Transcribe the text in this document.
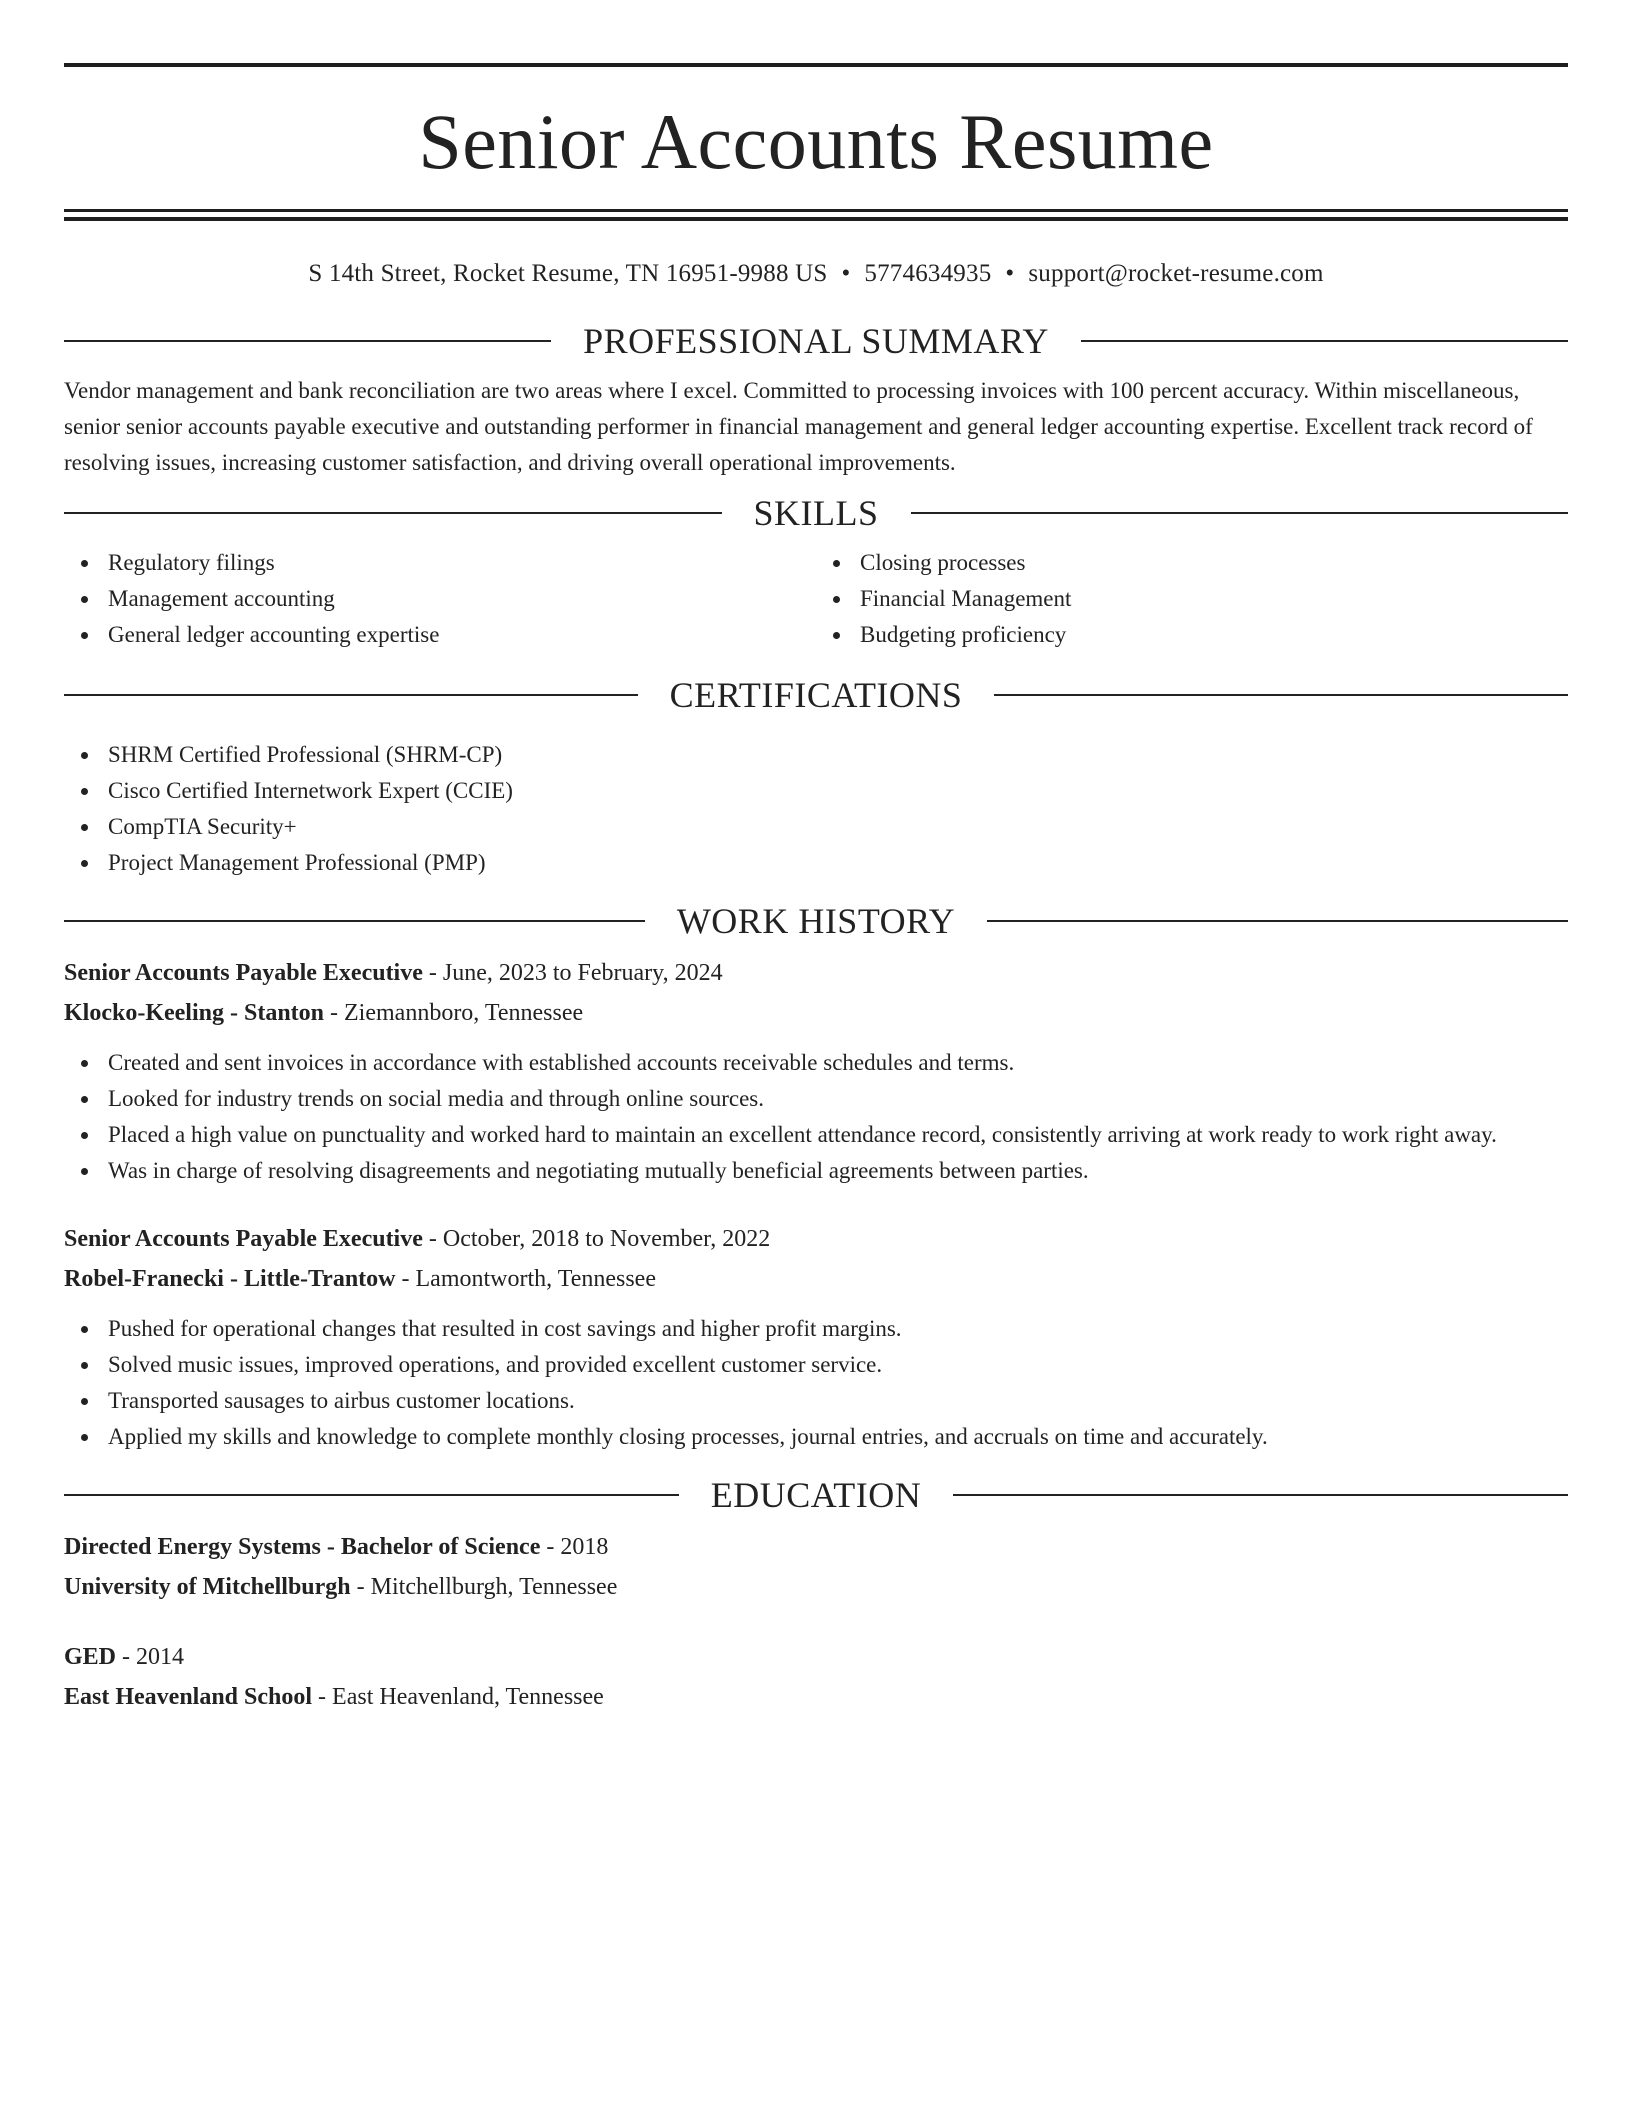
Senior Accounts Resume
S 14th Street, Rocket Resume, TN 16951-9988 US • 5774634935 • support@rocket-resume.com
PROFESSIONAL SUMMARY

Vendor management and bank reconciliation are two areas where I excel. Committed to processing invoices with 100 percent accuracy. Within miscellaneous, senior senior accounts payable executive and outstanding performer in financial management and general ledger accounting expertise. Excellent track record of resolving issues, increasing customer satisfaction, and driving overall operational improvements.

SKILLS
Regulatory filings
Management accounting
General ledger accounting expertise
Closing processes
Financial Management
Budgeting proficiency
CERTIFICATIONS
SHRM Certified Professional (SHRM-CP)
Cisco Certified Internetwork Expert (CCIE)
CompTIA Security+
Project Management Professional (PMP)
WORK HISTORY
Senior Accounts Payable Executive - June, 2023 to February, 2024
Klocko-Keeling - Stanton - Ziemannboro, Tennessee
Created and sent invoices in accordance with established accounts receivable schedules and terms.
Looked for industry trends on social media and through online sources.
Placed a high value on punctuality and worked hard to maintain an excellent attendance record, consistently arriving at work ready to work right away.
Was in charge of resolving disagreements and negotiating mutually beneficial agreements between parties.
Senior Accounts Payable Executive - October, 2018 to November, 2022
Robel-Franecki - Little-Trantow - Lamontworth, Tennessee
Pushed for operational changes that resulted in cost savings and higher profit margins.
Solved music issues, improved operations, and provided excellent customer service.
Transported sausages to airbus customer locations.
Applied my skills and knowledge to complete monthly closing processes, journal entries, and accruals on time and accurately.
EDUCATION
Directed Energy Systems - Bachelor of Science - 2018
University of Mitchellburgh - Mitchellburgh, Tennessee
GED - 2014
East Heavenland School - East Heavenland, Tennessee
